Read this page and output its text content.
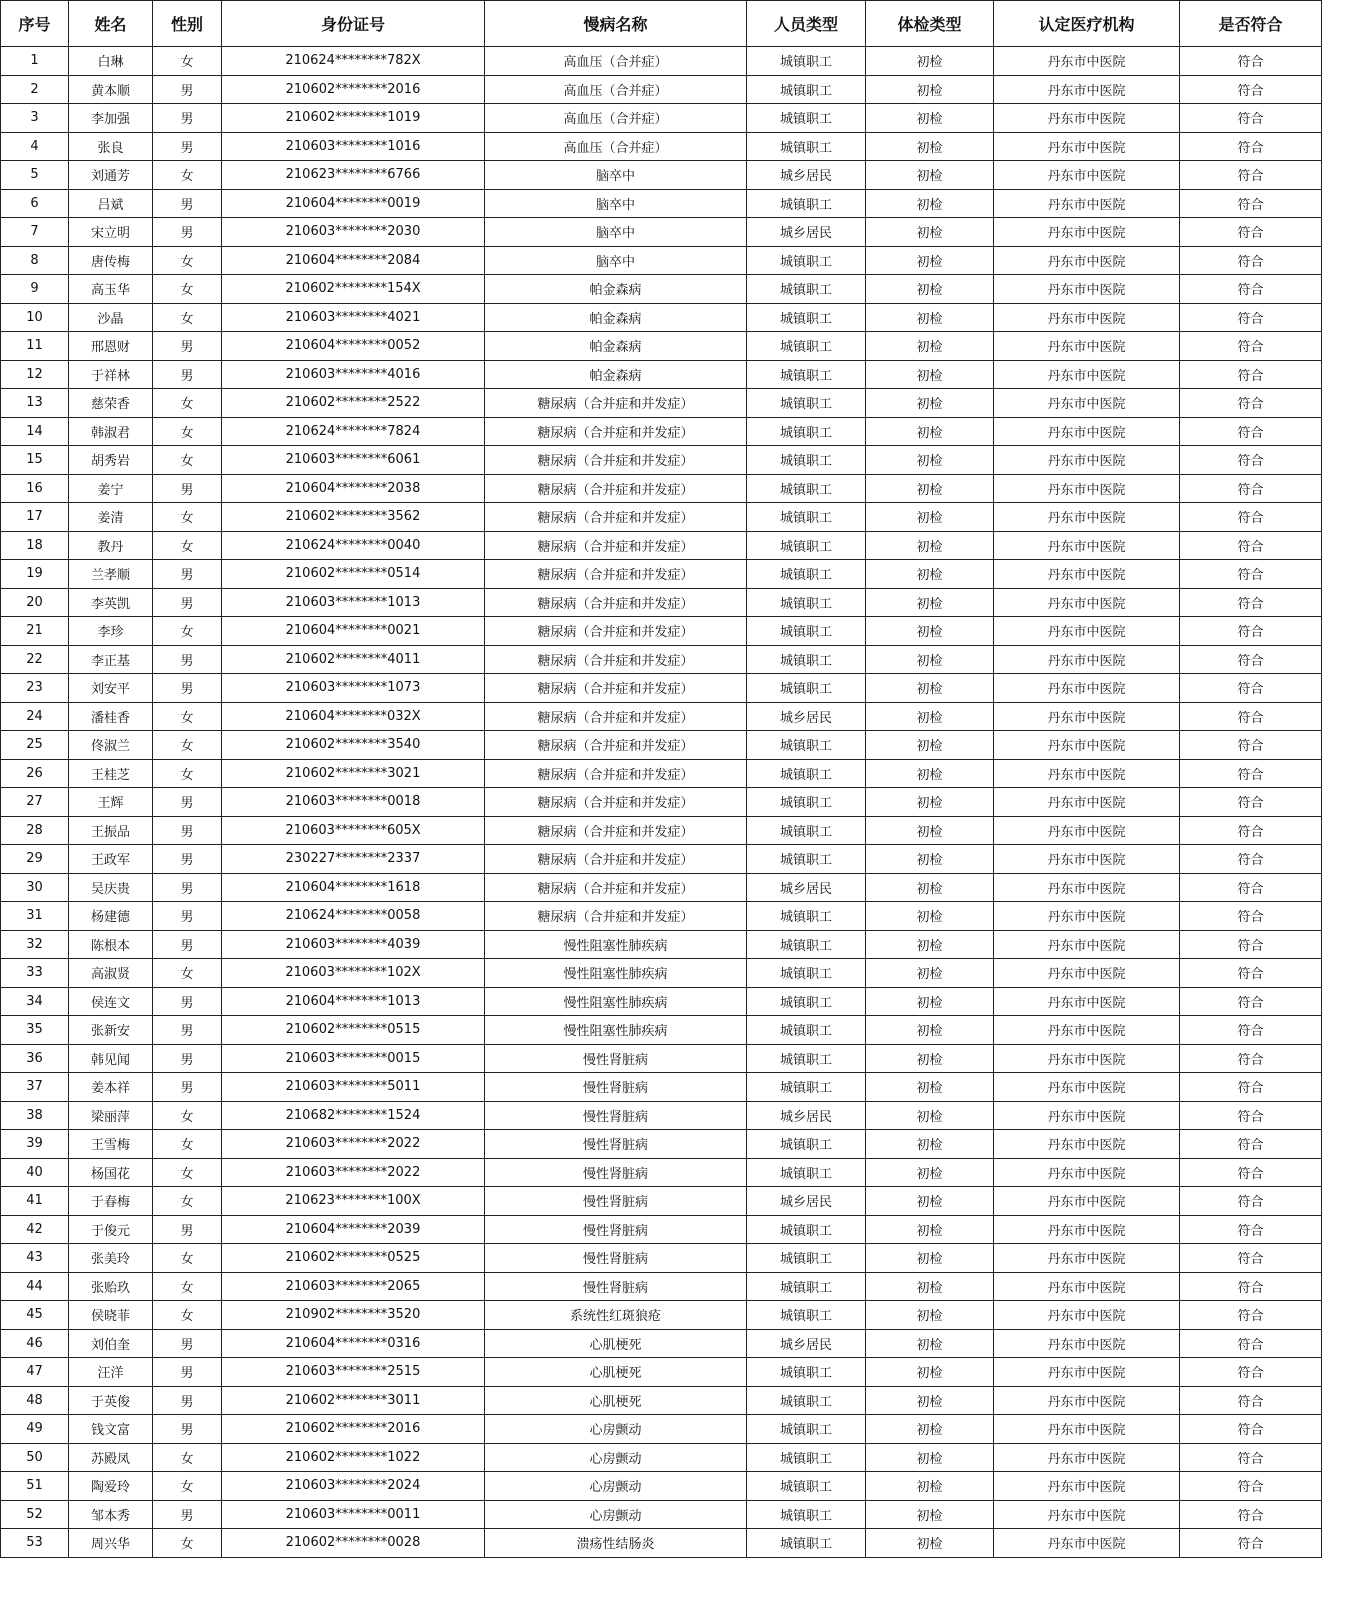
序号	姓名	性别	身份证号	慢病名称	人员类型	体检类型	认定医疗机构	是否符合
1	白琳	女	210624********782X	高血压（合并症）	城镇职工	初检	丹东市中医院	符合
2	黄本顺	男	210602********2016	高血压（合并症）	城镇职工	初检	丹东市中医院	符合
3	李加强	男	210602********1019	高血压（合并症）	城镇职工	初检	丹东市中医院	符合
4	张良	男	210603********1016	高血压（合并症）	城镇职工	初检	丹东市中医院	符合
5	刘通芳	女	210623********6766	脑卒中	城乡居民	初检	丹东市中医院	符合
6	吕斌	男	210604********0019	脑卒中	城镇职工	初检	丹东市中医院	符合
7	宋立明	男	210603********2030	脑卒中	城乡居民	初检	丹东市中医院	符合
8	唐传梅	女	210604********2084	脑卒中	城镇职工	初检	丹东市中医院	符合
9	高玉华	女	210602********154X	帕金森病	城镇职工	初检	丹东市中医院	符合
10	沙晶	女	210603********4021	帕金森病	城镇职工	初检	丹东市中医院	符合
11	邢恩财	男	210604********0052	帕金森病	城镇职工	初检	丹东市中医院	符合
12	于祥林	男	210603********4016	帕金森病	城镇职工	初检	丹东市中医院	符合
13	慈荣香	女	210602********2522	糖尿病（合并症和并发症）	城镇职工	初检	丹东市中医院	符合
14	韩淑君	女	210624********7824	糖尿病（合并症和并发症）	城镇职工	初检	丹东市中医院	符合
15	胡秀岩	女	210603********6061	糖尿病（合并症和并发症）	城镇职工	初检	丹东市中医院	符合
16	姜宁	男	210604********2038	糖尿病（合并症和并发症）	城镇职工	初检	丹东市中医院	符合
17	姜清	女	210602********3562	糖尿病（合并症和并发症）	城镇职工	初检	丹东市中医院	符合
18	教丹	女	210624********0040	糖尿病（合并症和并发症）	城镇职工	初检	丹东市中医院	符合
19	兰孝顺	男	210602********0514	糖尿病（合并症和并发症）	城镇职工	初检	丹东市中医院	符合
20	李英凯	男	210603********1013	糖尿病（合并症和并发症）	城镇职工	初检	丹东市中医院	符合
21	李珍	女	210604********0021	糖尿病（合并症和并发症）	城镇职工	初检	丹东市中医院	符合
22	李正基	男	210602********4011	糖尿病（合并症和并发症）	城镇职工	初检	丹东市中医院	符合
23	刘安平	男	210603********1073	糖尿病（合并症和并发症）	城镇职工	初检	丹东市中医院	符合
24	潘桂香	女	210604********032X	糖尿病（合并症和并发症）	城乡居民	初检	丹东市中医院	符合
25	佟淑兰	女	210602********3540	糖尿病（合并症和并发症）	城镇职工	初检	丹东市中医院	符合
26	王桂芝	女	210602********3021	糖尿病（合并症和并发症）	城镇职工	初检	丹东市中医院	符合
27	王辉	男	210603********0018	糖尿病（合并症和并发症）	城镇职工	初检	丹东市中医院	符合
28	王振品	男	210603********605X	糖尿病（合并症和并发症）	城镇职工	初检	丹东市中医院	符合
29	王政军	男	230227********2337	糖尿病（合并症和并发症）	城镇职工	初检	丹东市中医院	符合
30	吴庆贵	男	210604********1618	糖尿病（合并症和并发症）	城乡居民	初检	丹东市中医院	符合
31	杨建德	男	210624********0058	糖尿病（合并症和并发症）	城镇职工	初检	丹东市中医院	符合
32	陈根本	男	210603********4039	慢性阻塞性肺疾病	城镇职工	初检	丹东市中医院	符合
33	高淑贤	女	210603********102X	慢性阻塞性肺疾病	城镇职工	初检	丹东市中医院	符合
34	侯连文	男	210604********1013	慢性阻塞性肺疾病	城镇职工	初检	丹东市中医院	符合
35	张新安	男	210602********0515	慢性阻塞性肺疾病	城镇职工	初检	丹东市中医院	符合
36	韩见闻	男	210603********0015	慢性肾脏病	城镇职工	初检	丹东市中医院	符合
37	姜本祥	男	210603********5011	慢性肾脏病	城镇职工	初检	丹东市中医院	符合
38	梁丽萍	女	210682********1524	慢性肾脏病	城乡居民	初检	丹东市中医院	符合
39	王雪梅	女	210603********2022	慢性肾脏病	城镇职工	初检	丹东市中医院	符合
40	杨国花	女	210603********2022	慢性肾脏病	城镇职工	初检	丹东市中医院	符合
41	于春梅	女	210623********100X	慢性肾脏病	城乡居民	初检	丹东市中医院	符合
42	于俊元	男	210604********2039	慢性肾脏病	城镇职工	初检	丹东市中医院	符合
43	张美玲	女	210602********0525	慢性肾脏病	城镇职工	初检	丹东市中医院	符合
44	张贻玖	女	210603********2065	慢性肾脏病	城镇职工	初检	丹东市中医院	符合
45	侯晓菲	女	210902********3520	系统性红斑狼疮	城镇职工	初检	丹东市中医院	符合
46	刘伯奎	男	210604********0316	心肌梗死	城乡居民	初检	丹东市中医院	符合
47	汪洋	男	210603********2515	心肌梗死	城镇职工	初检	丹东市中医院	符合
48	于英俊	男	210602********3011	心肌梗死	城镇职工	初检	丹东市中医院	符合
49	钱文富	男	210602********2016	心房颤动	城镇职工	初检	丹东市中医院	符合
50	苏殿凤	女	210602********1022	心房颤动	城镇职工	初检	丹东市中医院	符合
51	陶爱玲	女	210603********2024	心房颤动	城镇职工	初检	丹东市中医院	符合
52	邹本秀	男	210603********0011	心房颤动	城镇职工	初检	丹东市中医院	符合
53	周兴华	女	210602********0028	溃疡性结肠炎	城镇职工	初检	丹东市中医院	符合
